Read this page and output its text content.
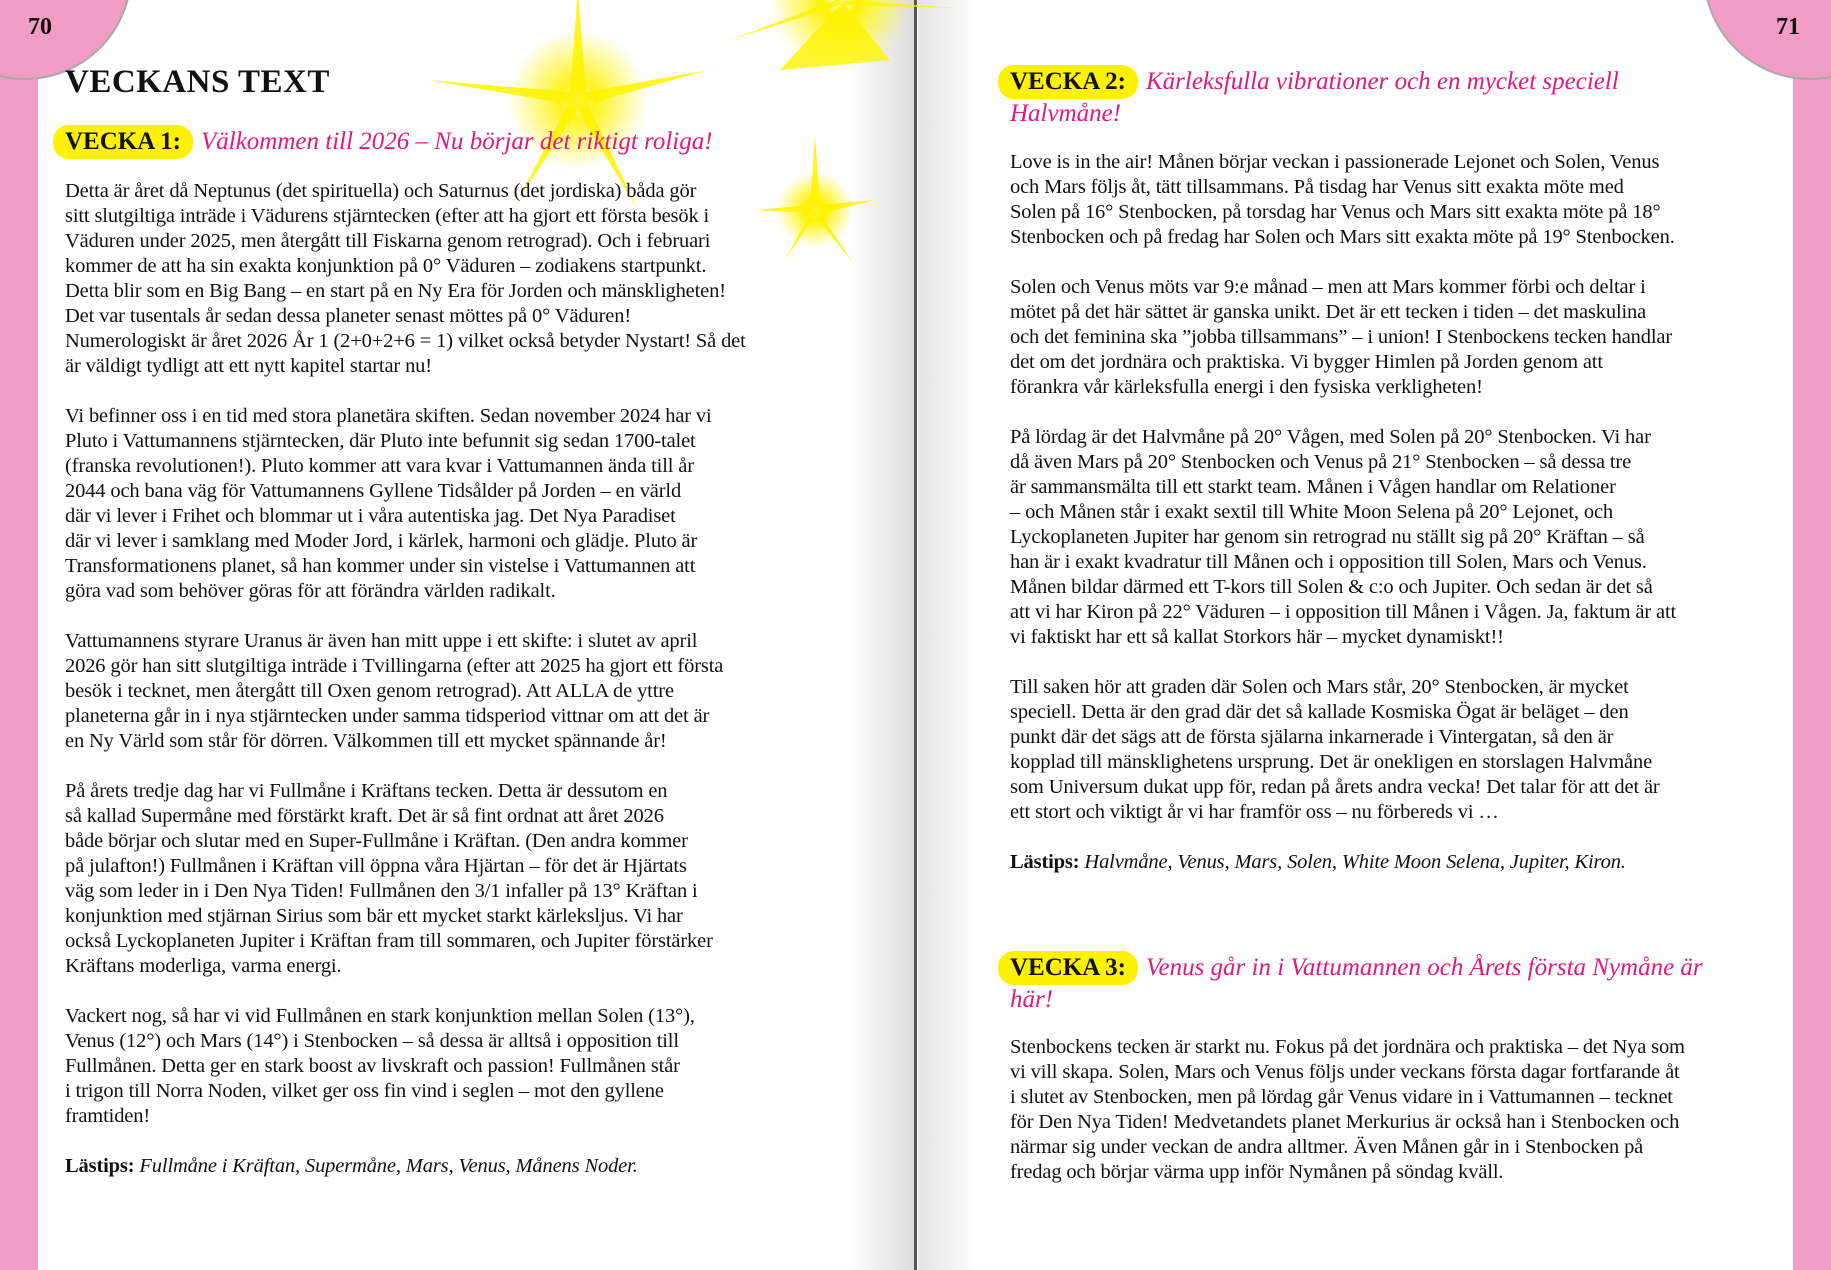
70	71
VECKANS TEXT
VECKA 1: Välkommen till 2026 – Nu börjar det riktigt roliga!
Detta är året då Neptunus (det spirituella) och Saturnus (det jordiska) båda gör
sitt slutgiltiga inträde i Vädurens stjärntecken (efter att ha gjort ett första besök i
Väduren under 2025, men återgått till Fiskarna genom retrograd). Och i februari
kommer de att ha sin exakta konjunktion på 0° Väduren – zodiakens startpunkt.
Detta blir som en Big Bang – en start på en Ny Era för Jorden och mänskligheten!
Det var tusentals år sedan dessa planeter senast möttes på 0° Väduren!
Numerologiskt är året 2026 År 1 (2+0+2+6 = 1) vilket också betyder Nystart! Så det
är väldigt tydligt att ett nytt kapitel startar nu!
Vi befinner oss i en tid med stora planetära skiften. Sedan november 2024 har vi
Pluto i Vattumannens stjärntecken, där Pluto inte befunnit sig sedan 1700-talet
(franska revolutionen!). Pluto kommer att vara kvar i Vattumannen ända till år
2044 och bana väg för Vattumannens Gyllene Tidsålder på Jorden – en värld
där vi lever i Frihet och blommar ut i våra autentiska jag. Det Nya Paradiset
där vi lever i samklang med Moder Jord, i kärlek, harmoni och glädje. Pluto är
Transformationens planet, så han kommer under sin vistelse i Vattumannen att
göra vad som behöver göras för att förändra världen radikalt.
Vattumannens styrare Uranus är även han mitt uppe i ett skifte: i slutet av april
2026 gör han sitt slutgiltiga inträde i Tvillingarna (efter att 2025 ha gjort ett första
besök i tecknet, men återgått till Oxen genom retrograd). Att ALLA de yttre
planeterna går in i nya stjärntecken under samma tidsperiod vittnar om att det är
en Ny Värld som står för dörren. Välkommen till ett mycket spännande år!
På årets tredje dag har vi Fullmåne i Kräftans tecken. Detta är dessutom en
så kallad Supermåne med förstärkt kraft. Det är så fint ordnat att året 2026
både börjar och slutar med en Super-Fullmåne i Kräftan. (Den andra kommer
på julafton!) Fullmånen i Kräftan vill öppna våra Hjärtan – för det är Hjärtats
väg som leder in i Den Nya Tiden! Fullmånen den 3/1 infaller på 13° Kräftan i
konjunktion med stjärnan Sirius som bär ett mycket starkt kärleksljus. Vi har
också Lyckoplaneten Jupiter i Kräftan fram till sommaren, och Jupiter förstärker
Kräftans moderliga, varma energi.
Vackert nog, så har vi vid Fullmånen en stark konjunktion mellan Solen (13°),
Venus (12°) och Mars (14°) i Stenbocken – så dessa är alltså i opposition till
Fullmånen. Detta ger en stark boost av livskraft och passion! Fullmånen står
i trigon till Norra Noden, vilket ger oss fin vind i seglen – mot den gyllene
framtiden!
Lästips: Fullmåne i Kräftan, Supermåne, Mars, Venus, Månens Noder.
VECKA 2: Kärleksfulla vibrationer och en mycket speciell
Halvmåne!
Love is in the air! Månen börjar veckan i passionerade Lejonet och Solen, Venus
och Mars följs åt, tätt tillsammans. På tisdag har Venus sitt exakta möte med
Solen på 16° Stenbocken, på torsdag har Venus och Mars sitt exakta möte på 18°
Stenbocken och på fredag har Solen och Mars sitt exakta möte på 19° Stenbocken.
Solen och Venus möts var 9:e månad – men att Mars kommer förbi och deltar i
mötet på det här sättet är ganska unikt. Det är ett tecken i tiden – det maskulina
och det feminina ska ”jobba tillsammans” – i union! I Stenbockens tecken handlar
det om det jordnära och praktiska. Vi bygger Himlen på Jorden genom att
förankra vår kärleksfulla energi i den fysiska verkligheten!
På lördag är det Halvmåne på 20° Vågen, med Solen på 20° Stenbocken. Vi har
då även Mars på 20° Stenbocken och Venus på 21° Stenbocken – så dessa tre
är sammansmälta till ett starkt team. Månen i Vågen handlar om Relationer
– och Månen står i exakt sextil till White Moon Selena på 20° Lejonet, och
Lyckoplaneten Jupiter har genom sin retrograd nu ställt sig på 20° Kräftan – så
han är i exakt kvadratur till Månen och i opposition till Solen, Mars och Venus.
Månen bildar därmed ett T-kors till Solen & c:o och Jupiter. Och sedan är det så
att vi har Kiron på 22° Väduren – i opposition till Månen i Vågen. Ja, faktum är att
vi faktiskt har ett så kallat Storkors här – mycket dynamiskt!!
Till saken hör att graden där Solen och Mars står, 20° Stenbocken, är mycket
speciell. Detta är den grad där det så kallade Kosmiska Ögat är beläget – den
punkt där det sägs att de första själarna inkarnerade i Vintergatan, så den är
kopplad till mänsklighetens ursprung. Det är onekligen en storslagen Halvmåne
som Universum dukat upp för, redan på årets andra vecka! Det talar för att det är
ett stort och viktigt år vi har framför oss – nu förbereds vi …
Lästips: Halvmåne, Venus, Mars, Solen, White Moon Selena, Jupiter, Kiron.
VECKA 3: Venus går in i Vattumannen och Årets första Nymåne är
här!
Stenbockens tecken är starkt nu. Fokus på det jordnära och praktiska – det Nya som
vi vill skapa. Solen, Mars och Venus följs under veckans första dagar fortfarande åt
i slutet av Stenbocken, men på lördag går Venus vidare in i Vattumannen – tecknet
för Den Nya Tiden! Medvetandets planet Merkurius är också han i Stenbocken och
närmar sig under veckan de andra alltmer. Även Månen går in i Stenbocken på
fredag och börjar värma upp inför Nymånen på söndag kväll.
